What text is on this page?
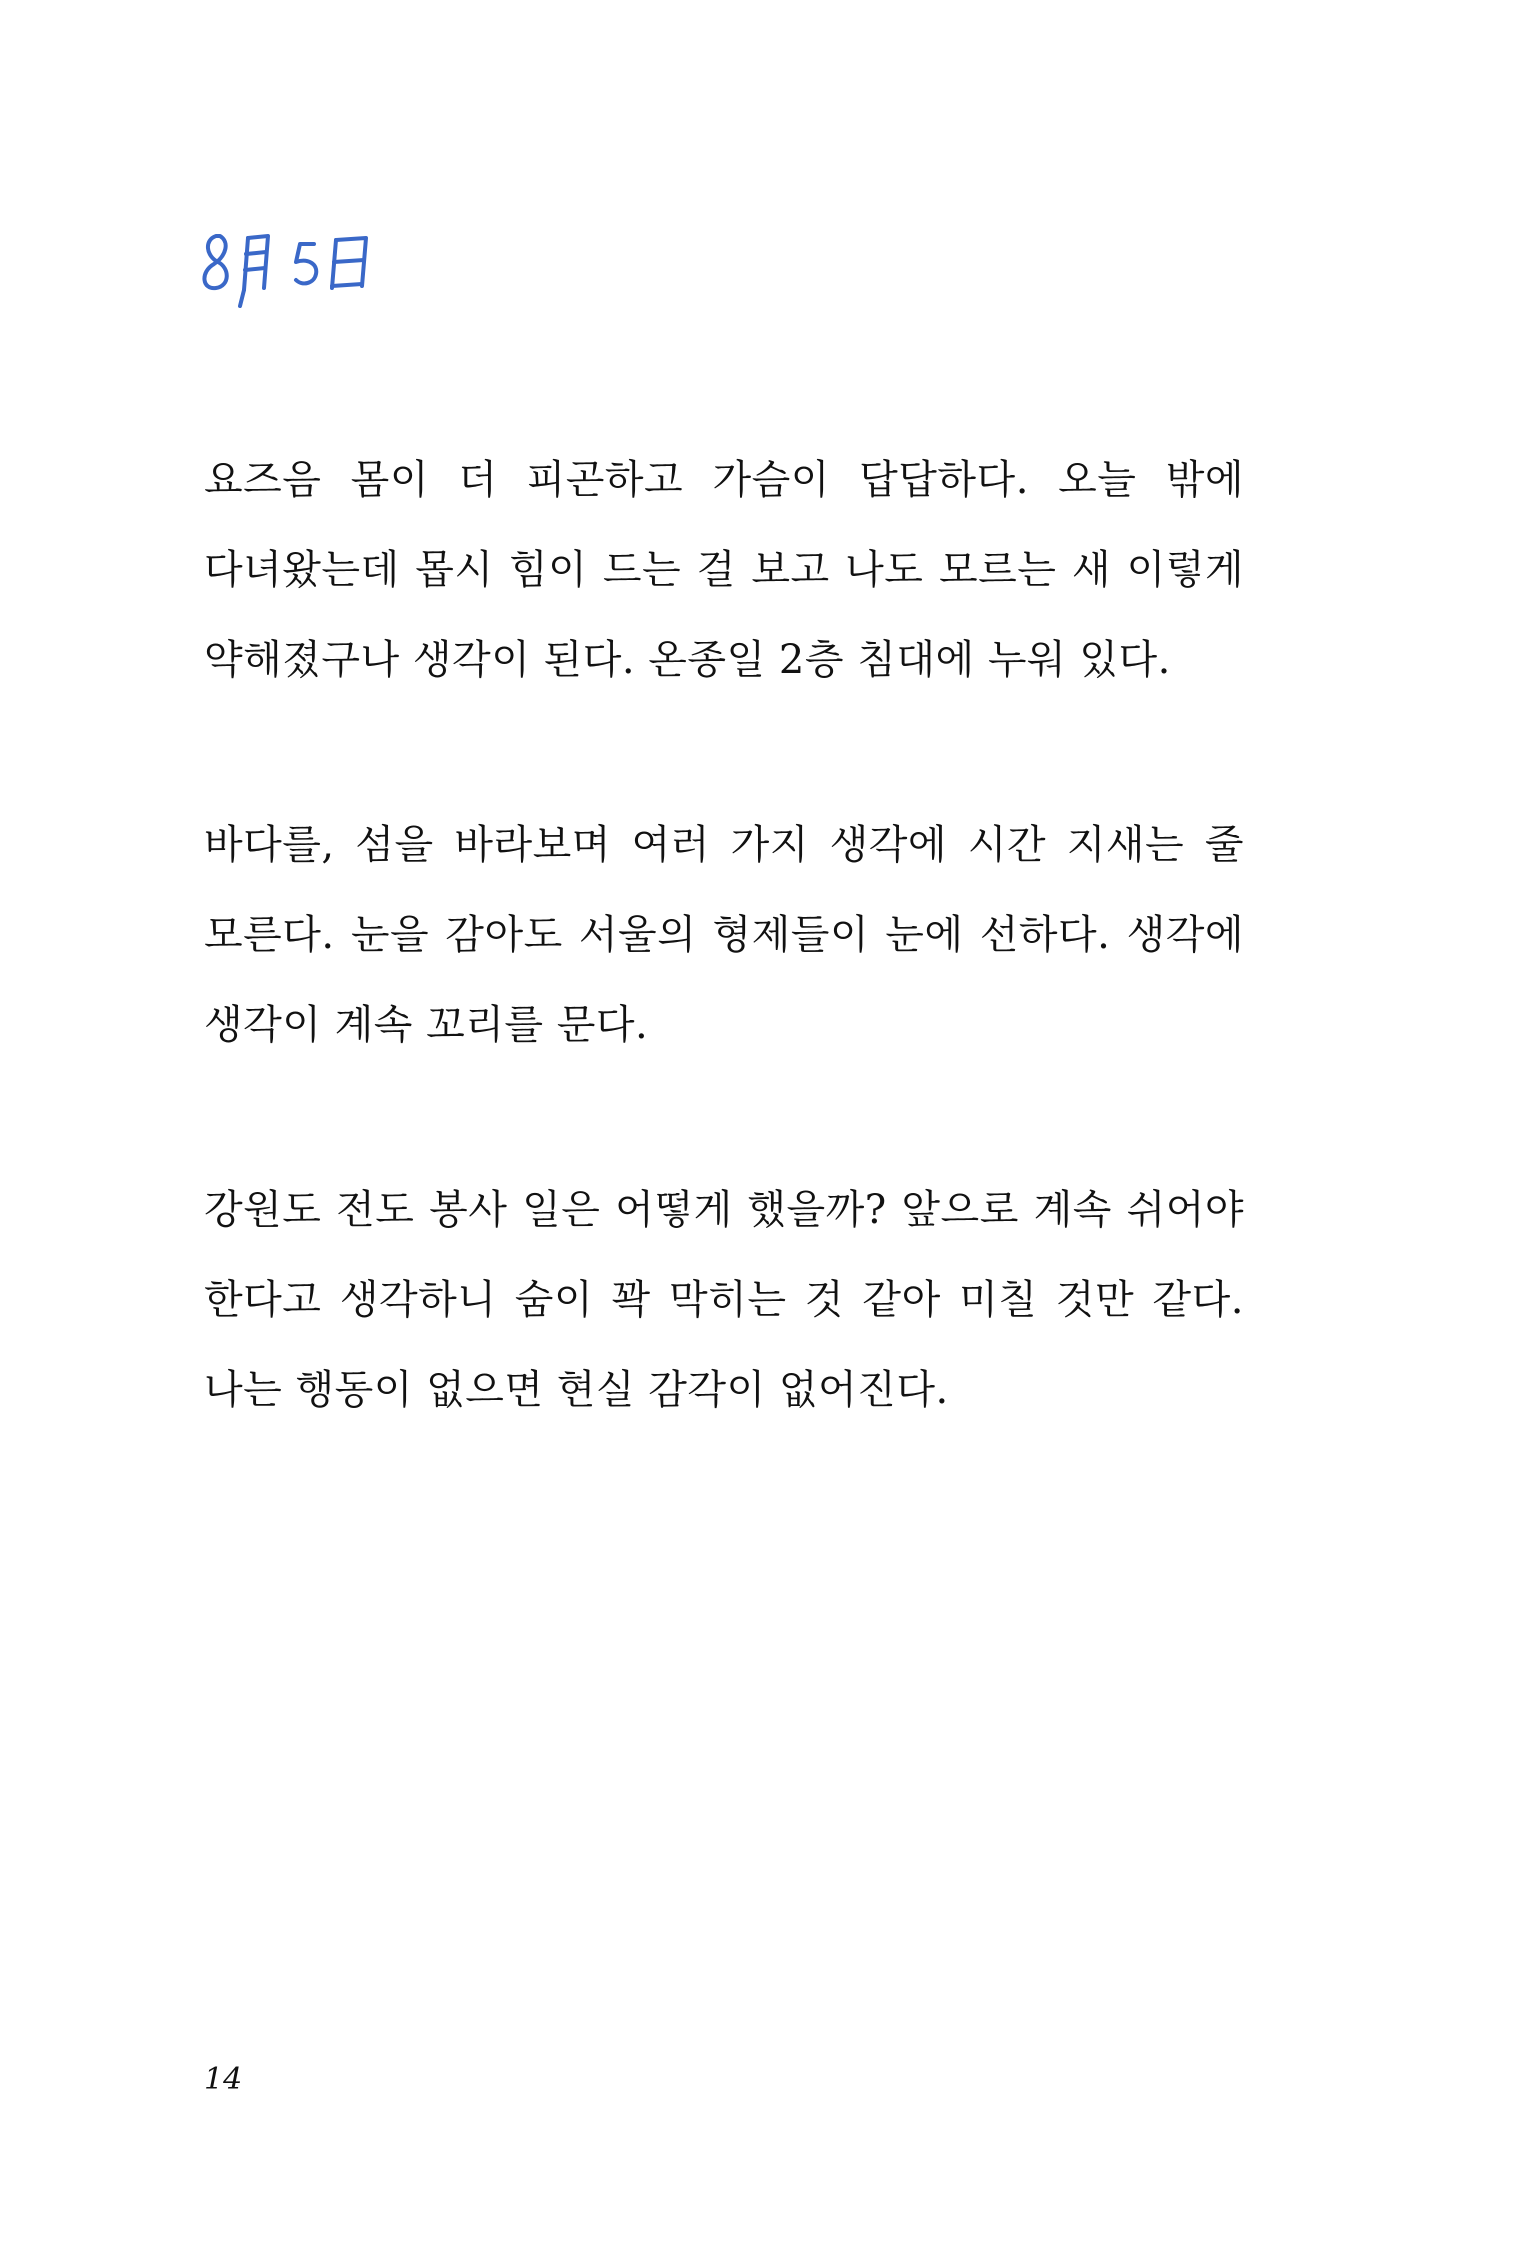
요즈음 몸이 더 피곤하고 가슴이 답답하다. 오늘 밖에 다녀왔는데 몹시 힘이 드는 걸 보고 나도 모르는 새 이렇게 약해졌구나 생각이 된다. 온종일 2층 침대에 누워 있다.

바다를, 섬을 바라보며 여러 가지 생각에 시간 지새는 줄 모른다. 눈을 감아도 서울의 형제들이 눈에 선하다. 생각에 생각이 계속 꼬리를 문다.

강원도 전도 봉사 일은 어떻게 했을까? 앞으로 계속 쉬어야 한다고 생각하니 숨이 꽉 막히는 것 같아 미칠 것만 같다. 나는 행동이 없으면 현실 감각이 없어진다.

14
